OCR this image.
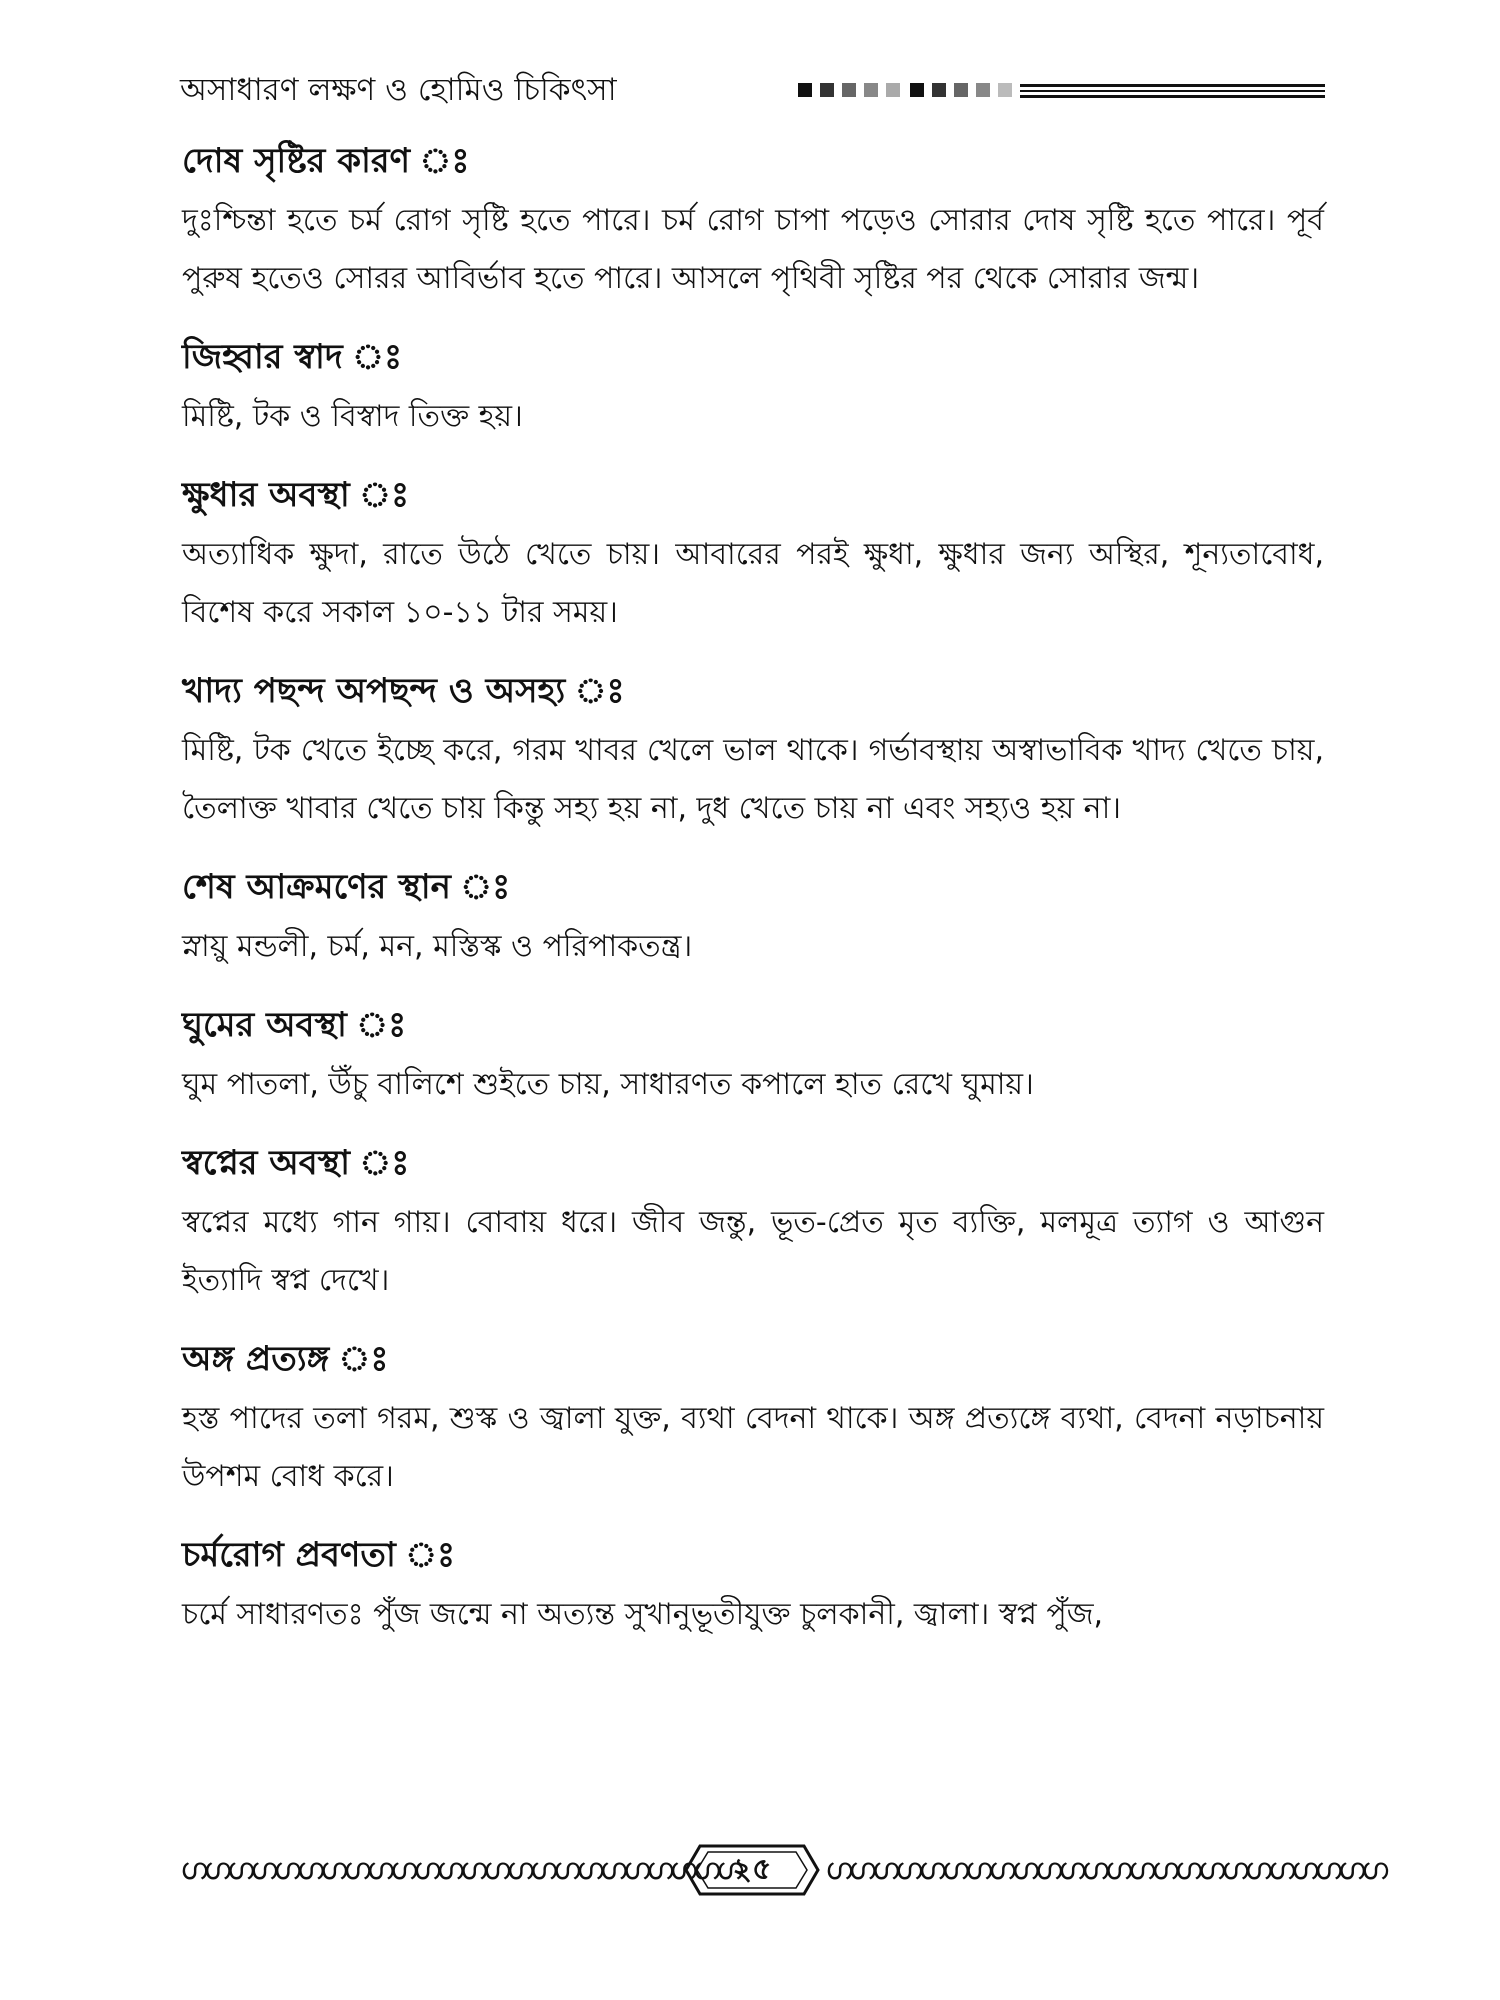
অসাধারণ লক্ষণ ও হোমিও চিকিৎসা
দোষ সৃষ্টির কারণ ঃ
দুঃশ্চিন্তা হতে চর্ম রোগ সৃষ্টি হতে পারে। চর্ম রোগ চাপা পড়েও সোরার দোষ সৃষ্টি হতে পারে। পূর্ব পুরুষ হতেও সোরর আবির্ভাব হতে পারে। আসলে পৃথিবী সৃষ্টির পর থেকে সোরার জন্ম।
জিহ্বার স্বাদ ঃ
মিষ্টি, টক ও বিস্বাদ তিক্ত হয়।
ক্ষুধার অবস্থা ঃ
অত্যাধিক ক্ষুদা, রাতে উঠে খেতে চায়। আবারের পরই ক্ষুধা, ক্ষুধার জন্য অস্থির, শূন্যতাবোধ, বিশেষ করে সকাল ১০-১১ টার সময়।
খাদ্য পছন্দ অপছন্দ ও অসহ্য ঃ
মিষ্টি, টক খেতে ইচ্ছে করে, গরম খাবর খেলে ভাল থাকে। গর্ভাবস্থায় অস্বাভাবিক খাদ্য খেতে চায়, তৈলাক্ত খাবার খেতে চায় কিন্তু সহ্য হয় না, দুধ খেতে চায় না এবং সহ্যও হয় না।
শেষ আক্রমণের স্থান ঃ
স্নায়ু মন্ডলী, চর্ম, মন, মস্তিস্ক ও পরিপাকতন্ত্র।
ঘুমের অবস্থা ঃ
ঘুম পাতলা, উঁচু বালিশে শুইতে চায়, সাধারণত কপালে হাত রেখে ঘুমায়।
স্বপ্নের অবস্থা ঃ
স্বপ্নের মধ্যে গান গায়। বোবায় ধরে। জীব জন্তু, ভূত-প্রেত মৃত ব্যক্তি, মলমূত্র ত্যাগ ও আগুন ইত্যাদি স্বপ্ন দেখে।
অঙ্গ প্রত্যঙ্গ ঃ
হস্ত পাদের তলা গরম, শুস্ক ও জ্বালা যুক্ত, ব্যথা বেদনা থাকে। অঙ্গ প্রত্যঙ্গে ব্যথা, বেদনা নড়াচনায় উপশম বোধ করে।
চর্মরোগ প্রবণতা ঃ
চর্মে সাধারণতঃ পুঁজ জন্মে না অত্যন্ত সুখানুভূতীযুক্ত চুলকানী, জ্বালা। স্বপ্ন পুঁজ,
ഗഗഗഗഗഗഗഗഗഗഗഗഗഗഗഗഗഗഗഗഗഗഗഗ
২৫	ഗഗഗഗഗഗഗഗഗഗഗഗഗഗഗഗഗഗഗഗഗഗഗഗ
